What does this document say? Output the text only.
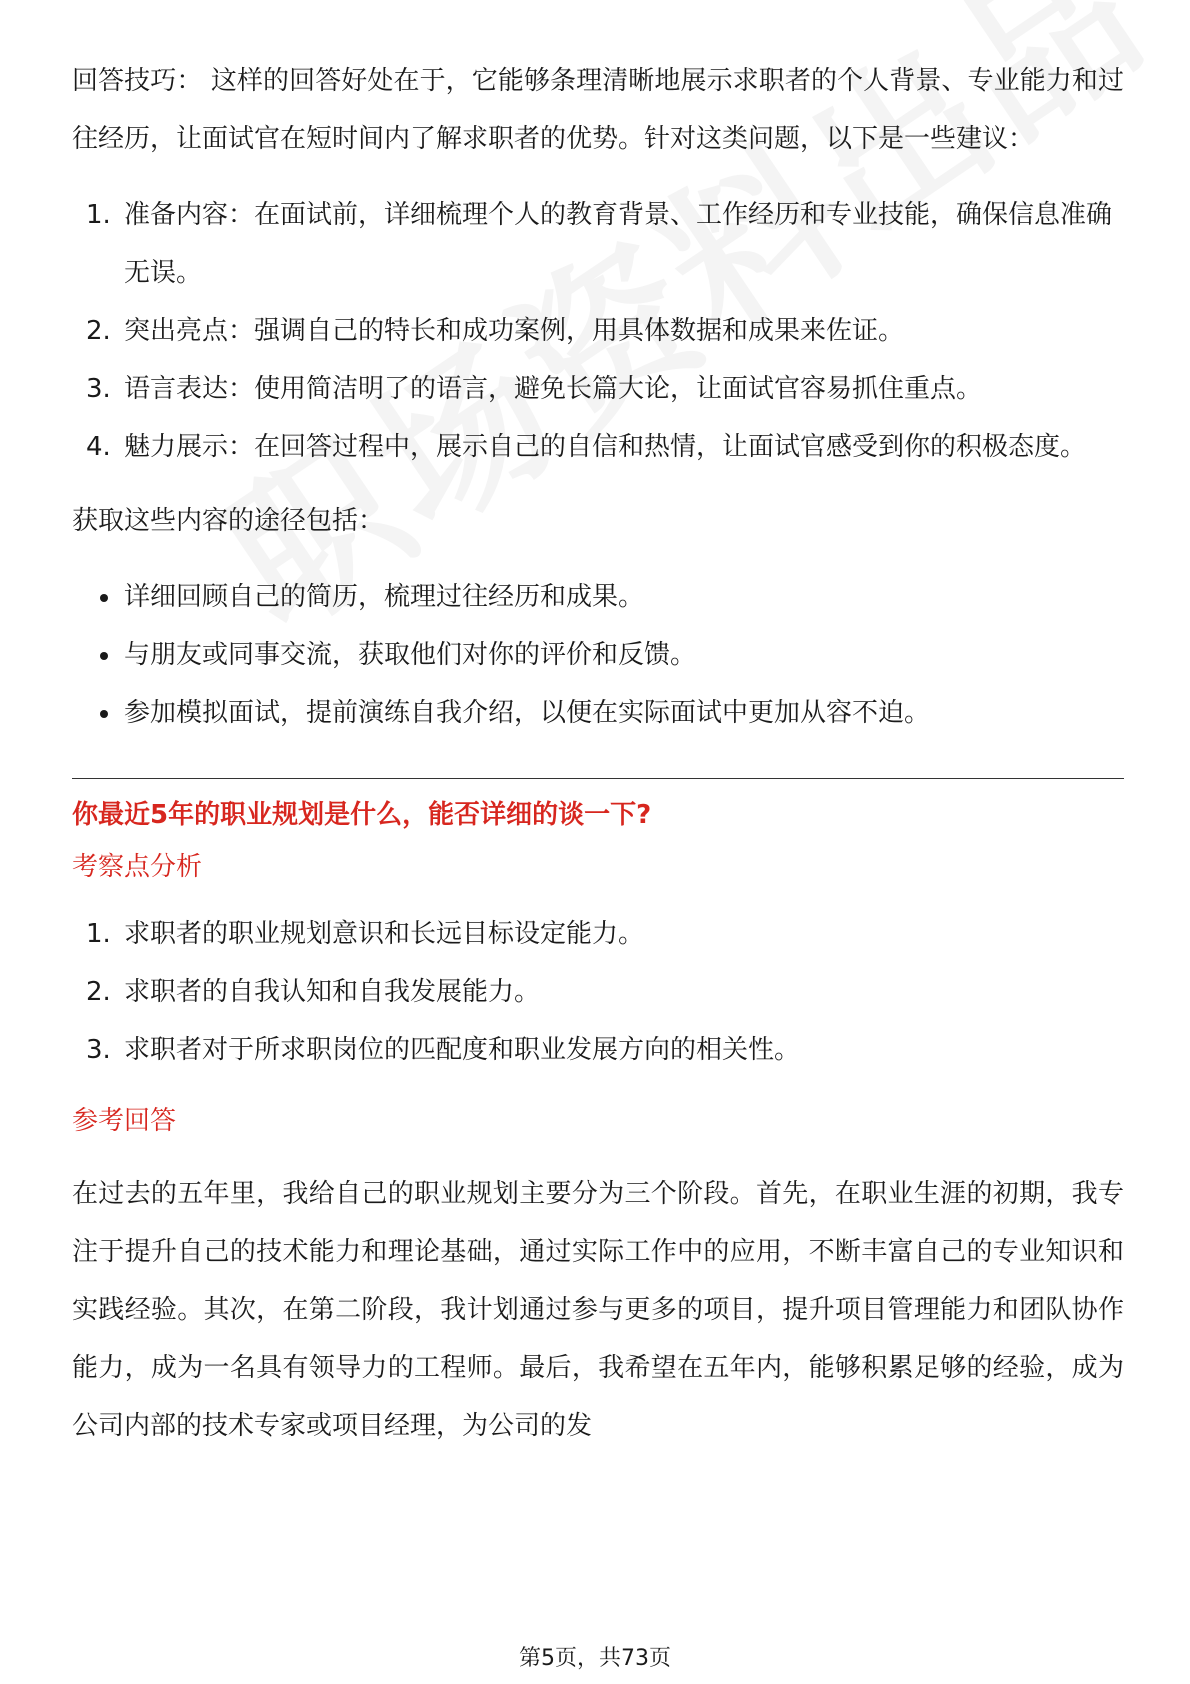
回答技巧： 这样的回答好处在于，它能够条理清晰地展示求职者的个人背景、专业能力和过往经历，让面试官在短时间内了解求职者的优势。针对这类问题，以下是一些建议：

1. 准备内容：在面试前，详细梳理个人的教育背景、工作经历和专业技能，确保信息准确无误。
2. 突出亮点：强调自己的特长和成功案例，用具体数据和成果来佐证。
3. 语言表达：使用简洁明了的语言，避免长篇大论，让面试官容易抓住重点。
4. 魅力展示：在回答过程中，展示自己的自信和热情，让面试官感受到你的积极态度。

获取这些内容的途径包括：

详细回顾自己的简历，梳理过往经历和成果。
与朋友或同事交流，获取他们对你的评价和反馈。
参加模拟面试，提前演练自我介绍，以便在实际面试中更加从容不迫。

你最近5年的职业规划是什么，能否详细的谈一下?

考察点分析

1. 求职者的职业规划意识和长远目标设定能力。
2. 求职者的自我认知和自我发展能力。
3. 求职者对于所求职岗位的匹配度和职业发展方向的相关性。

参考回答

在过去的五年里，我给自己的职业规划主要分为三个阶段。首先，在职业生涯的初期，我专注于提升自己的技术能力和理论基础，通过实际工作中的应用，不断丰富自己的专业知识和实践经验。其次，在第二阶段，我计划通过参与更多的项目，提升项目管理能力和团队协作能力，成为一名具有领导力的工程师。最后，我希望在五年内，能够积累足够的经验，成为公司内部的技术专家或项目经理，为公司的发

第5页，共73页
